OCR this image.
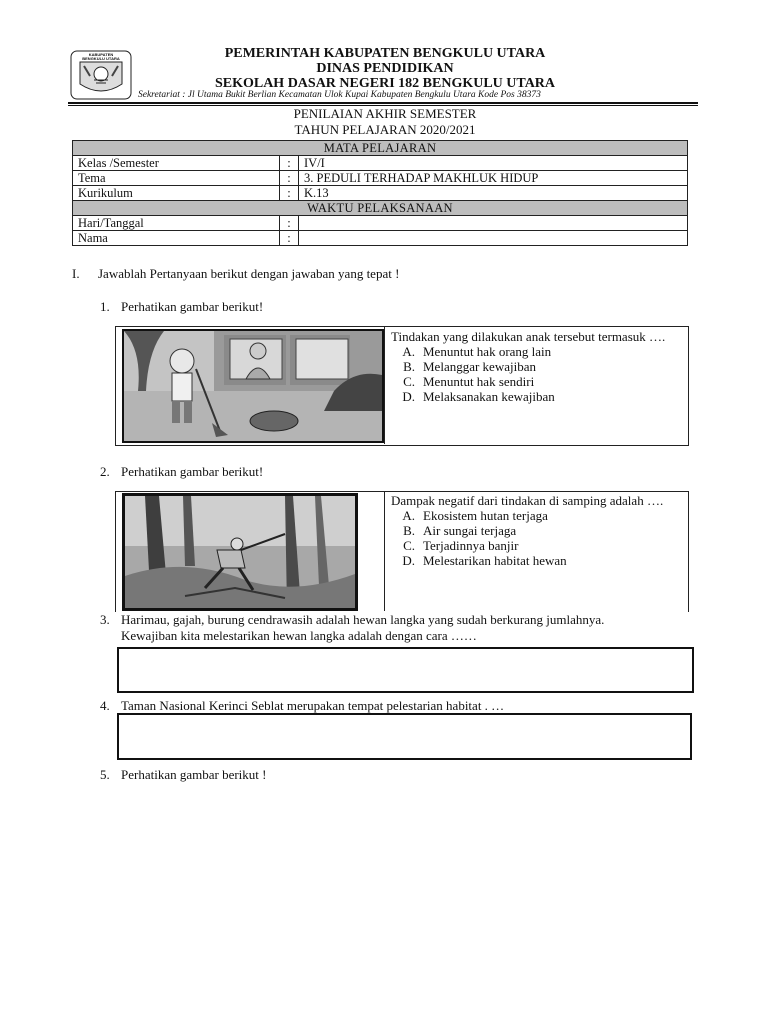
KABUPATEN BENGKULU UTARA	PEMERINTAH KABUPATEN BENGKULU UTARA
DINAS PENDIDIKAN
SEKOLAH DASAR NEGERI 182 BENGKULU UTARA
Sekretariat : Jl Utama Bukit Berlian Kecamatan Ulok Kupai Kabupaten Bengkulu Utara Kode Pos 38373
PENILAIAN AKHIR SEMESTER
TAHUN PELAJARAN 2020/2021
MATA PELAJARAN		
Kelas /Semester	:	IV/I
Tema	:	3. PEDULI TERHADAP MAKHLUK HIDUP
Kurikulum	:	K.13
WAKTU PELAKSANAAN		
Hari/Tanggal	:	
Nama	:	
I. Jawablah Pertanyaan berikut dengan jawaban yang tepat !
1. Perhatikan gambar berikut!
Tindakan yang dilakukan anak tersebut termasuk ….
A. Menuntut hak orang lain
B. Melanggar kewajiban
C. Menuntut hak sendiri
D. Melaksanakan kewajiban
2. Perhatikan gambar berikut!
Dampak negatif dari tindakan di samping adalah ….
A. Ekosistem hutan terjaga
B. Air sungai terjaga
C. Terjadinnya banjir
D. Melestarikan habitat hewan
3. Harimau, gajah, burung cendrawasih adalah hewan langka yang sudah berkurang jumlahnya.
Kewajiban kita melestarikan hewan langka adalah dengan cara ……
4. Taman Nasional Kerinci Seblat merupakan tempat pelestarian habitat . …
5. Perhatikan gambar berikut !
